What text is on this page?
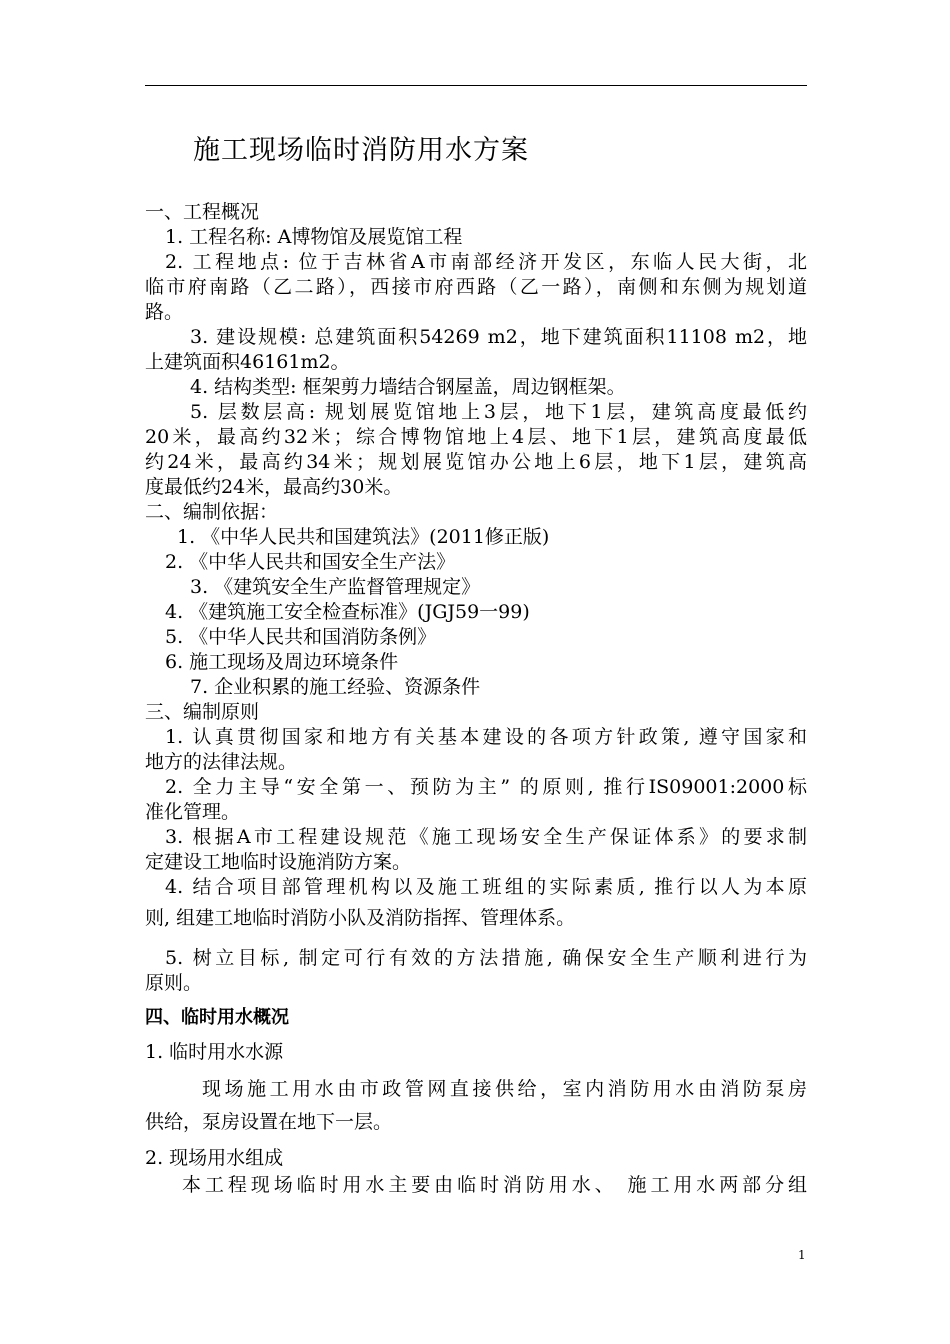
施工现场临时消防用水方案
一、工程概况
1. 工程名称: A博物馆及展览馆工程
2. 工程地点: 位于吉林省A市南部经济开发区，东临人民大街，北
临市府南路（乙二路），西接市府西路（乙一路），南侧和东侧为规划道
路。
3. 建设规模: 总建筑面积54269 m2，地下建筑面积11108 m2，地
上建筑面积46161m2。
4. 结构类型: 框架剪力墙结合钢屋盖，周边钢框架。
5. 层数层高: 规划展览馆地上3层，地下1层，建筑高度最低约
20米，最高约32米；综合博物馆地上4层、地下1层，建筑高度最低
约24米，最高约34米；规划展览馆办公地上6层，地下1层，建筑高
度最低约24米，最高约30米。
二、编制依据：
1. 《中华人民共和国建筑法》(2011修正版)
2. 《中华人民共和国安全生产法》
3. 《建筑安全生产监督管理规定》
4. 《建筑施工安全检查标准》(JGJ59一99)
5. 《中华人民共和国消防条例》
6. 施工现场及周边环境条件
7. 企业积累的施工经验、资源条件
三、编制原则
1. 认真贯彻国家和地方有关基本建设的各项方针政策, 遵守国家和
地方的法律法规。
2. 全力主导“安全第一、预防为主” 的原则, 推行IS09001:2000标
准化管理。
3. 根据A市工程建设规范《施工现场安全生产保证体系》的要求制
定建设工地临时设施消防方案。
4. 结合项目部管理机构以及施工班组的实际素质, 推行以人为本原
则, 组建工地临时消防小队及消防指挥、管理体系。
5. 树立目标, 制定可行有效的方法措施, 确保安全生产顺利进行为
原则。
四、临时用水概况
1. 临时用水水源
现场施工用水由市政管网直接供给，室内消防用水由消防泵房
供给，泵房设置在地下一层。
2. 现场用水组成
本工程现场临时用水主要由临时消防用水、 施工用水两部分组
1
